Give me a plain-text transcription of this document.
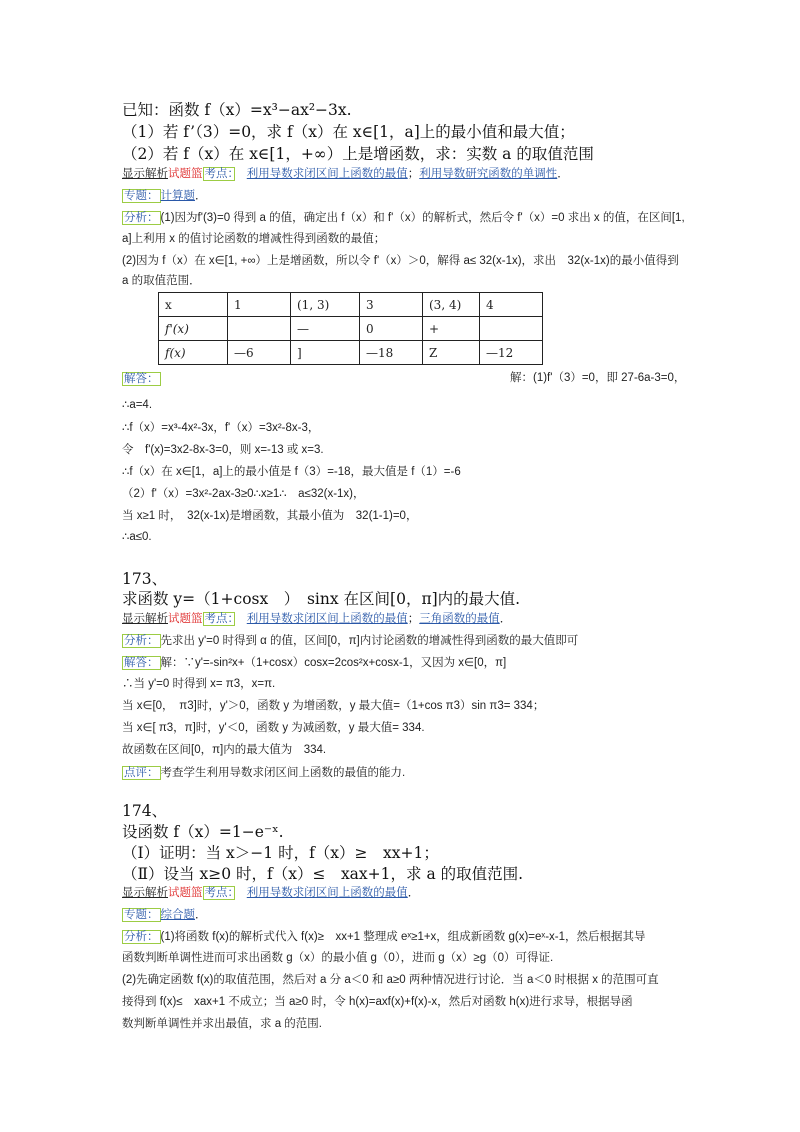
已知：函数 f（x）=x³−ax²−3x.
（1）若 f’（3）=0，求 f（x）在 x∈[1，a]上的最小值和最大值；
（2）若 f（x）在 x∈[1，+∞）上是增函数，求：实数 a 的取值范围
显示解析试题篮 考点：　 利用导数求闭区间上函数的最值；利用导数研究函数的单调性．
专题： 计算题．
分析： (1)因为f'(3)=0 得到 a 的值，确定出 f（x）和 f'（x）的解析式，然后令 f'（x）=0 求出 x 的值，在区间[1,
a]上利用 x 的值讨论函数的增减性得到函数的最值；
(2)因为 f（x）在 x∈[1, +∞）上是增函数，所以令 f'（x）＞0，解得 a≤ 32(x-1x)，求出　32(x-1x)的最小值得到
a 的取值范围．
x	1	(1, 3)	3	(3, 4)	4
f'(x)		—	0	+	
f(x)	—6	]	—18	Z	—12
解答：	解：(1)f'（3）=0，即 27-6a-3=0，
∴a=4.
∴f（x）=x³-4x²-3x，f'（x）=3x²-8x-3，
令　f'(x)=3x2-8x-3=0，则 x=-13 或 x=3.
∴f（x）在 x∈[1，a]上的最小值是 f（3）=-18，最大值是 f（1）=-6
（2）f'（x）=3x²-2ax-3≥0∴x≥1∴　a≤32(x-1x)，
当 x≥1 时，　32(x-1x)是增函数，其最小值为　32(1-1)=0，
∴a≤0.
173、
求函数 y=（1+cosx　）　sinx 在区间[0，π]内的最大值.
显示解析试题篮 考点：　 利用导数求闭区间上函数的最值；三角函数的最值．
分析： 先求出 y'=0 时得到 α 的值，区间[0，π]内讨论函数的增减性得到函数的最大值即可
解答： 解：∵y'=-sin²x+（1+cosx）cosx=2cos²x+cosx-1，又因为 x∈[0，π]
∴当 y'=0 时得到 x= π3，x=π.
当 x∈[0，　π3]时，y'＞0，函数 y 为增函数，y 最大值=（1+cos π3）sin π3= 334；
当 x∈[ π3，π]时，y'＜0，函数 y 为减函数，y 最大值= 334.
故函数在区间[0，π]内的最大值为　334.
点评： 考查学生利用导数求闭区间上函数的最值的能力.
174、
设函数 f（x）=1−e⁻ˣ.
（Ⅰ）证明：当 x＞−1 时，f（x）≥　xx+1；
（Ⅱ）设当 x≥0 时，f（x）≤　xax+1，求 a 的取值范围.
显示解析试题篮 考点：　 利用导数求闭区间上函数的最值．
专题： 综合题．
分析： (1)将函数 f(x)的解析式代入 f(x)≥　xx+1 整理成 eˣ≥1+x，组成新函数 g(x)=eˣ-x-1，然后根据其导
函数判断单调性进而可求出函数 g（x）的最小值 g（0），进而 g（x）≥g（0）可得证.
(2)先确定函数 f(x)的取值范围，然后对 a 分 a＜0 和 a≥0 两种情况进行讨论．当 a＜0 时根据 x 的范围可直
接得到 f(x)≤　xax+1 不成立；当 a≥0 时，令 h(x)=axf(x)+f(x)-x，然后对函数 h(x)进行求导，根据导函
数判断单调性并求出最值，求 a 的范围.
